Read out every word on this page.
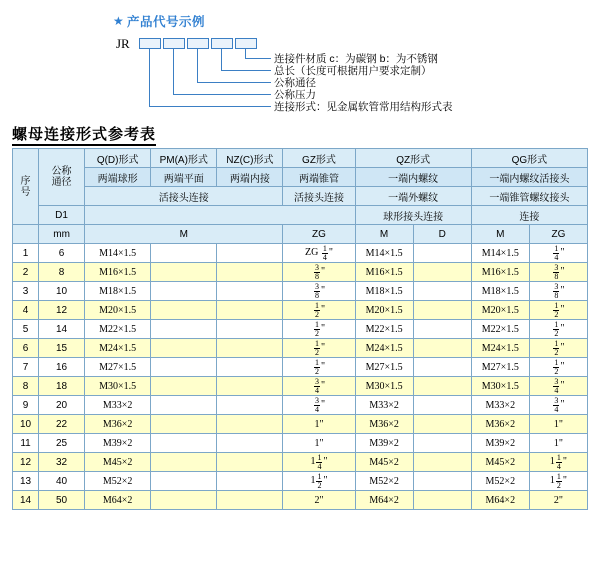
★ 产品代号示例
JR
连接件材质 c：为碳钢 b：为不锈钢
总长（长度可根据用户要求定制）
公称通径
公称压力
连接形式：见金属软管常用结构形式表
螺母连接形式参考表
序 号	公称通径	Q(D)形式	PM(A)形式	NZ(C)形式	GZ形式	QZ形式		QG形式	
		两端球形	两端平面	两端内接	两端锥管	一端内螺纹		一端内螺纹活接头	
		活接头连接			活接头连接	一端外螺纹		一端锥管螺纹接头	
	D1					球形接头连接		连接	
	mm	M			ZG	M	D	M	ZG
1	6	M14×1.5			ZG $\frac{1}{4}$ "	M14×1.5		M14×1.5	$\frac{1}{4}$ "
2	8	M16×1.5			$\frac{3}{8}$ "	M16×1.5		M16×1.5	$\frac{3}{8}$ "
3	10	M18×1.5			$\frac{3}{8}$ "	M18×1.5		M18×1.5	$\frac{3}{8}$ "
4	12	M20×1.5			$\frac{1}{2}$ "	M20×1.5		M20×1.5	$\frac{1}{2}$ "
5	14	M22×1.5			$\frac{1}{2}$ "	M22×1.5		M22×1.5	$\frac{1}{2}$ "
6	15	M24×1.5			$\frac{1}{2}$ "	M24×1.5		M24×1.5	$\frac{1}{2}$ "
7	16	M27×1.5			$\frac{1}{2}$ "	M27×1.5		M27×1.5	$\frac{1}{2}$ "
8	18	M30×1.5			$\frac{3}{4}$ "	M30×1.5		M30×1.5	$\frac{3}{4}$ "
9	20	M33×2			$\frac{3}{4}$ "	M33×2		M33×2	$\frac{3}{4}$ "
10	22	M36×2			1"	M36×2		M36×2	1"
11	25	M39×2			1"	M39×2		M39×2	1"
12	32	M45×2			$1 \frac{1}{4}$ "	M45×2		M45×2	$1 \frac{1}{4}$ "
13	40	M52×2			$1 \frac{1}{2}$ "	M52×2		M52×2	$1 \frac{1}{2}$ "
14	50	M64×2			2"	M64×2		M64×2	2"
